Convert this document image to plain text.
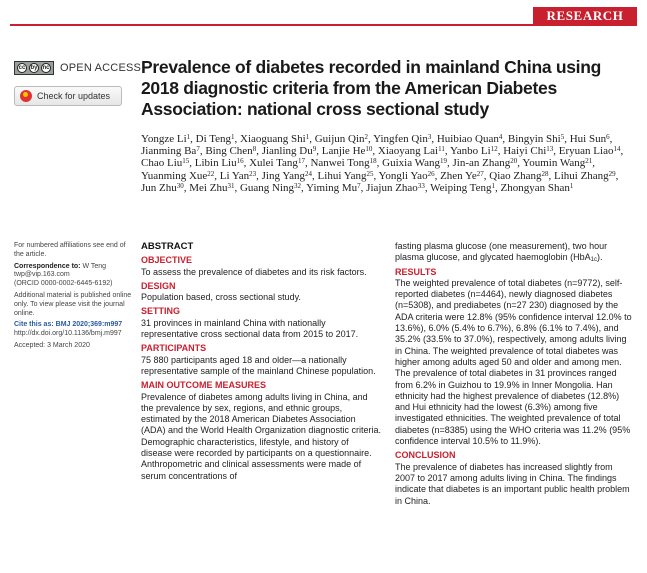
RESEARCH
cc by nc OPEN ACCESS
Check for updates
Prevalence of diabetes recorded in mainland China using 2018 diagnostic criteria from the American Diabetes Association: national cross sectional study
Yongze Li$^1$, Di Teng$^1$, Xiaoguang Shi$^1$, Guijun Qin$^2$, Yingfen Qin$^3$, Huibiao Quan$^4$, Bingyin Shi$^5$, Hui Sun$^6$, Jianming Ba$^7$, Bing Chen$^8$, Jianling Du$^9$, Lanjie He$^{10}$, Xiaoyang Lai$^{11}$, Yanbo Li$^{12}$, Haiyi Chi$^{13}$, Eryuan Liao$^{14}$, Chao Liu$^{15}$, Libin Liu$^{16}$, Xulei Tang$^{17}$, Nanwei Tong$^{18}$, Guixia Wang$^{19}$, Jin-an Zhang$^{20}$, Youmin Wang$^{21}$, Yuanming Xue$^{22}$, Li Yan$^{23}$, Jing Yang$^{24}$, Lihui Yang$^{25}$, Yongli Yao$^{26}$, Zhen Ye$^{27}$, Qiao Zhang$^{28}$, Lihui Zhang$^{29}$, Jun Zhu$^{30}$, Mei Zhu$^{31}$, Guang Ning$^{32}$, Yiming Mu$^7$, Jiajun Zhao$^{33}$, Weiping Teng$^1$, Zhongyan Shan$^1$

For numbered affiliations see end of the article.

Correspondence to: W Teng
twp@vip.163.com
(ORCID 0000-0002-6445-6192)

Additional material is published online only. To view please visit the journal online.

Cite this as: BMJ 2020;369:m997
http://dx.doi.org/10.1136/bmj.m997

Accepted: 3 March 2020

ABSTRACT
OBJECTIVE
To assess the prevalence of diabetes and its risk factors.
DESIGN
Population based, cross sectional study.
SETTING
31 provinces in mainland China with nationally representative cross sectional data from 2015 to 2017.
PARTICIPANTS
75 880 participants aged 18 and older—a nationally representative sample of the mainland Chinese population.
MAIN OUTCOME MEASURES
Prevalence of diabetes among adults living in China, and the prevalence by sex, regions, and ethnic groups, estimated by the 2018 American Diabetes Association (ADA) and the World Health Organization diagnostic criteria. Demographic characteristics, lifestyle, and history of disease were recorded by participants on a questionnaire. Anthropometric and clinical assessments were made of serum concentrations of
fasting plasma glucose (one measurement), two hour plasma glucose, and glycated haemoglobin (HbA$_{1c}$).
RESULTS
The weighted prevalence of total diabetes (n=9772), self-reported diabetes (n=4464), newly diagnosed diabetes (n=5308), and prediabetes (n=27 230) diagnosed by the ADA criteria were 12.8% (95% confidence interval 12.0% to 13.6%), 6.0% (5.4% to 6.7%), 6.8% (6.1% to 7.4%), and 35.2% (33.5% to 37.0%), respectively, among adults living in China. The weighted prevalence of total diabetes was higher among adults aged 50 and older and among men. The prevalence of total diabetes in 31 provinces ranged from 6.2% in Guizhou to 19.9% in Inner Mongolia. Han ethnicity had the highest prevalence of diabetes (12.8%) and Hui ethnicity had the lowest (6.3%) among five investigated ethnicities. The weighted prevalence of total diabetes (n=8385) using the WHO criteria was 11.2% (95% confidence interval 10.5% to 11.9%).
CONCLUSION
The prevalence of diabetes has increased slightly from 2007 to 2017 among adults living in China. The findings indicate that diabetes is an important public health problem in China.
